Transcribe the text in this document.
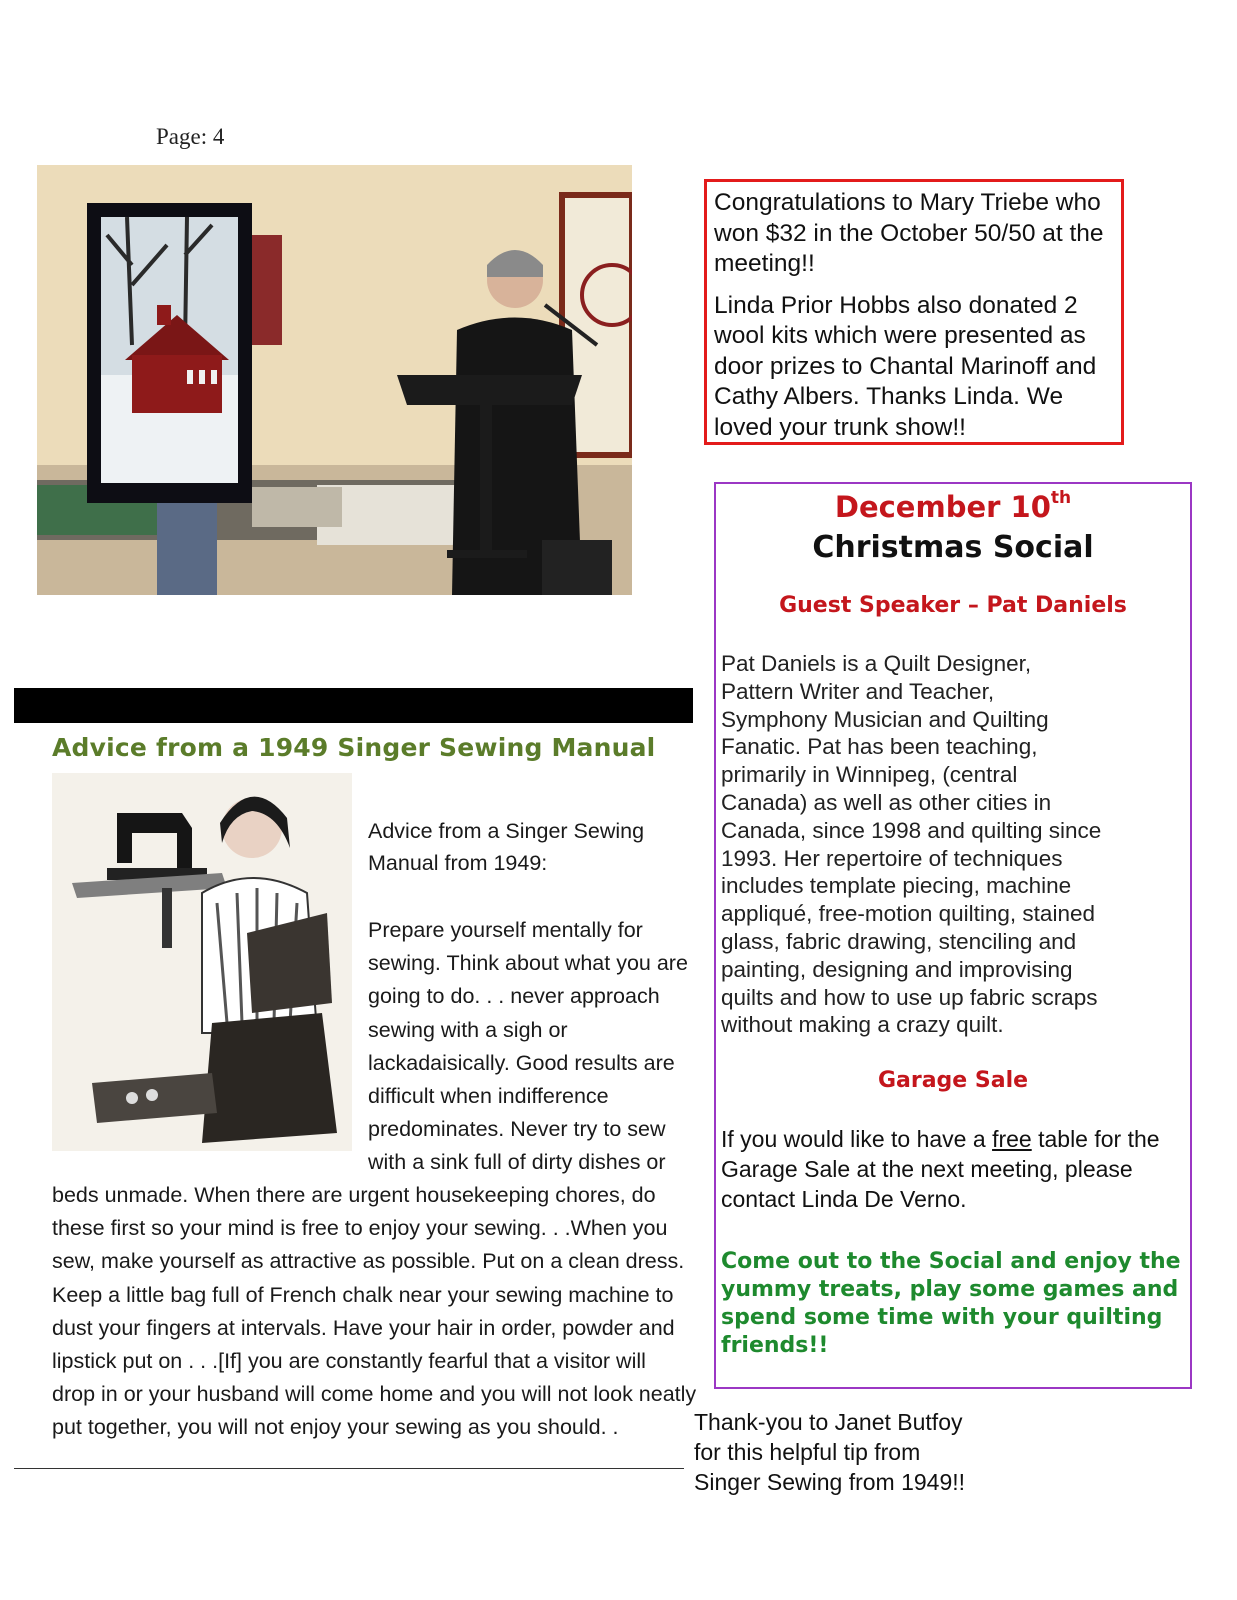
Page: 4

Congratulations to Mary Triebe who won $32 in the October 50/50 at the meeting!!

Linda Prior Hobbs also donated 2 wool kits which were presented as door prizes to Chantal Marinoff and Cathy Albers. Thanks Linda. We loved your trunk show!!

December 10th
Christmas Social
Guest Speaker – Pat Daniels
Pat Daniels is a Quilt Designer,
Pattern Writer and Teacher,
Symphony Musician and Quilting
Fanatic. Pat has been teaching,
primarily in Winnipeg, (central
Canada) as well as other cities in
Canada, since 1998 and quilting since
1993. Her repertoire of techniques
includes template piecing, machine
appliqué, free-motion quilting, stained
glass, fabric drawing, stenciling and
painting, designing and improvising
quilts and how to use up fabric scraps
without making a crazy quilt.
Garage Sale
If you would like to have a free table for the Garage Sale at the next meeting, please contact Linda De Verno.
Come out to the Social and enjoy the yummy treats, play some games and spend some time with your quilting friends!!
Advice from a 1949 Singer Sewing Manual
Advice from a Singer Sewing
Manual from 1949:
Prepare yourself mentally for
sewing. Think about what you are
going to do. . . never approach
sewing with a sigh or
lackadaisically. Good results are
difficult when indifference
predominates. Never try to sew
with a sink full of dirty dishes or
beds unmade. When there are urgent housekeeping chores, do
these first so your mind is free to enjoy your sewing. . .When you
sew, make yourself as attractive as possible. Put on a clean dress.
Keep a little bag full of French chalk near your sewing machine to
dust your fingers at intervals. Have your hair in order, powder and
lipstick put on . . .[If] you are constantly fearful that a visitor will
drop in or your husband will come home and you will not look neatly
put together, you will not enjoy your sewing as you should. .	Thank-you to Janet Butfoy
for this helpful tip from
Singer Sewing from 1949!!
